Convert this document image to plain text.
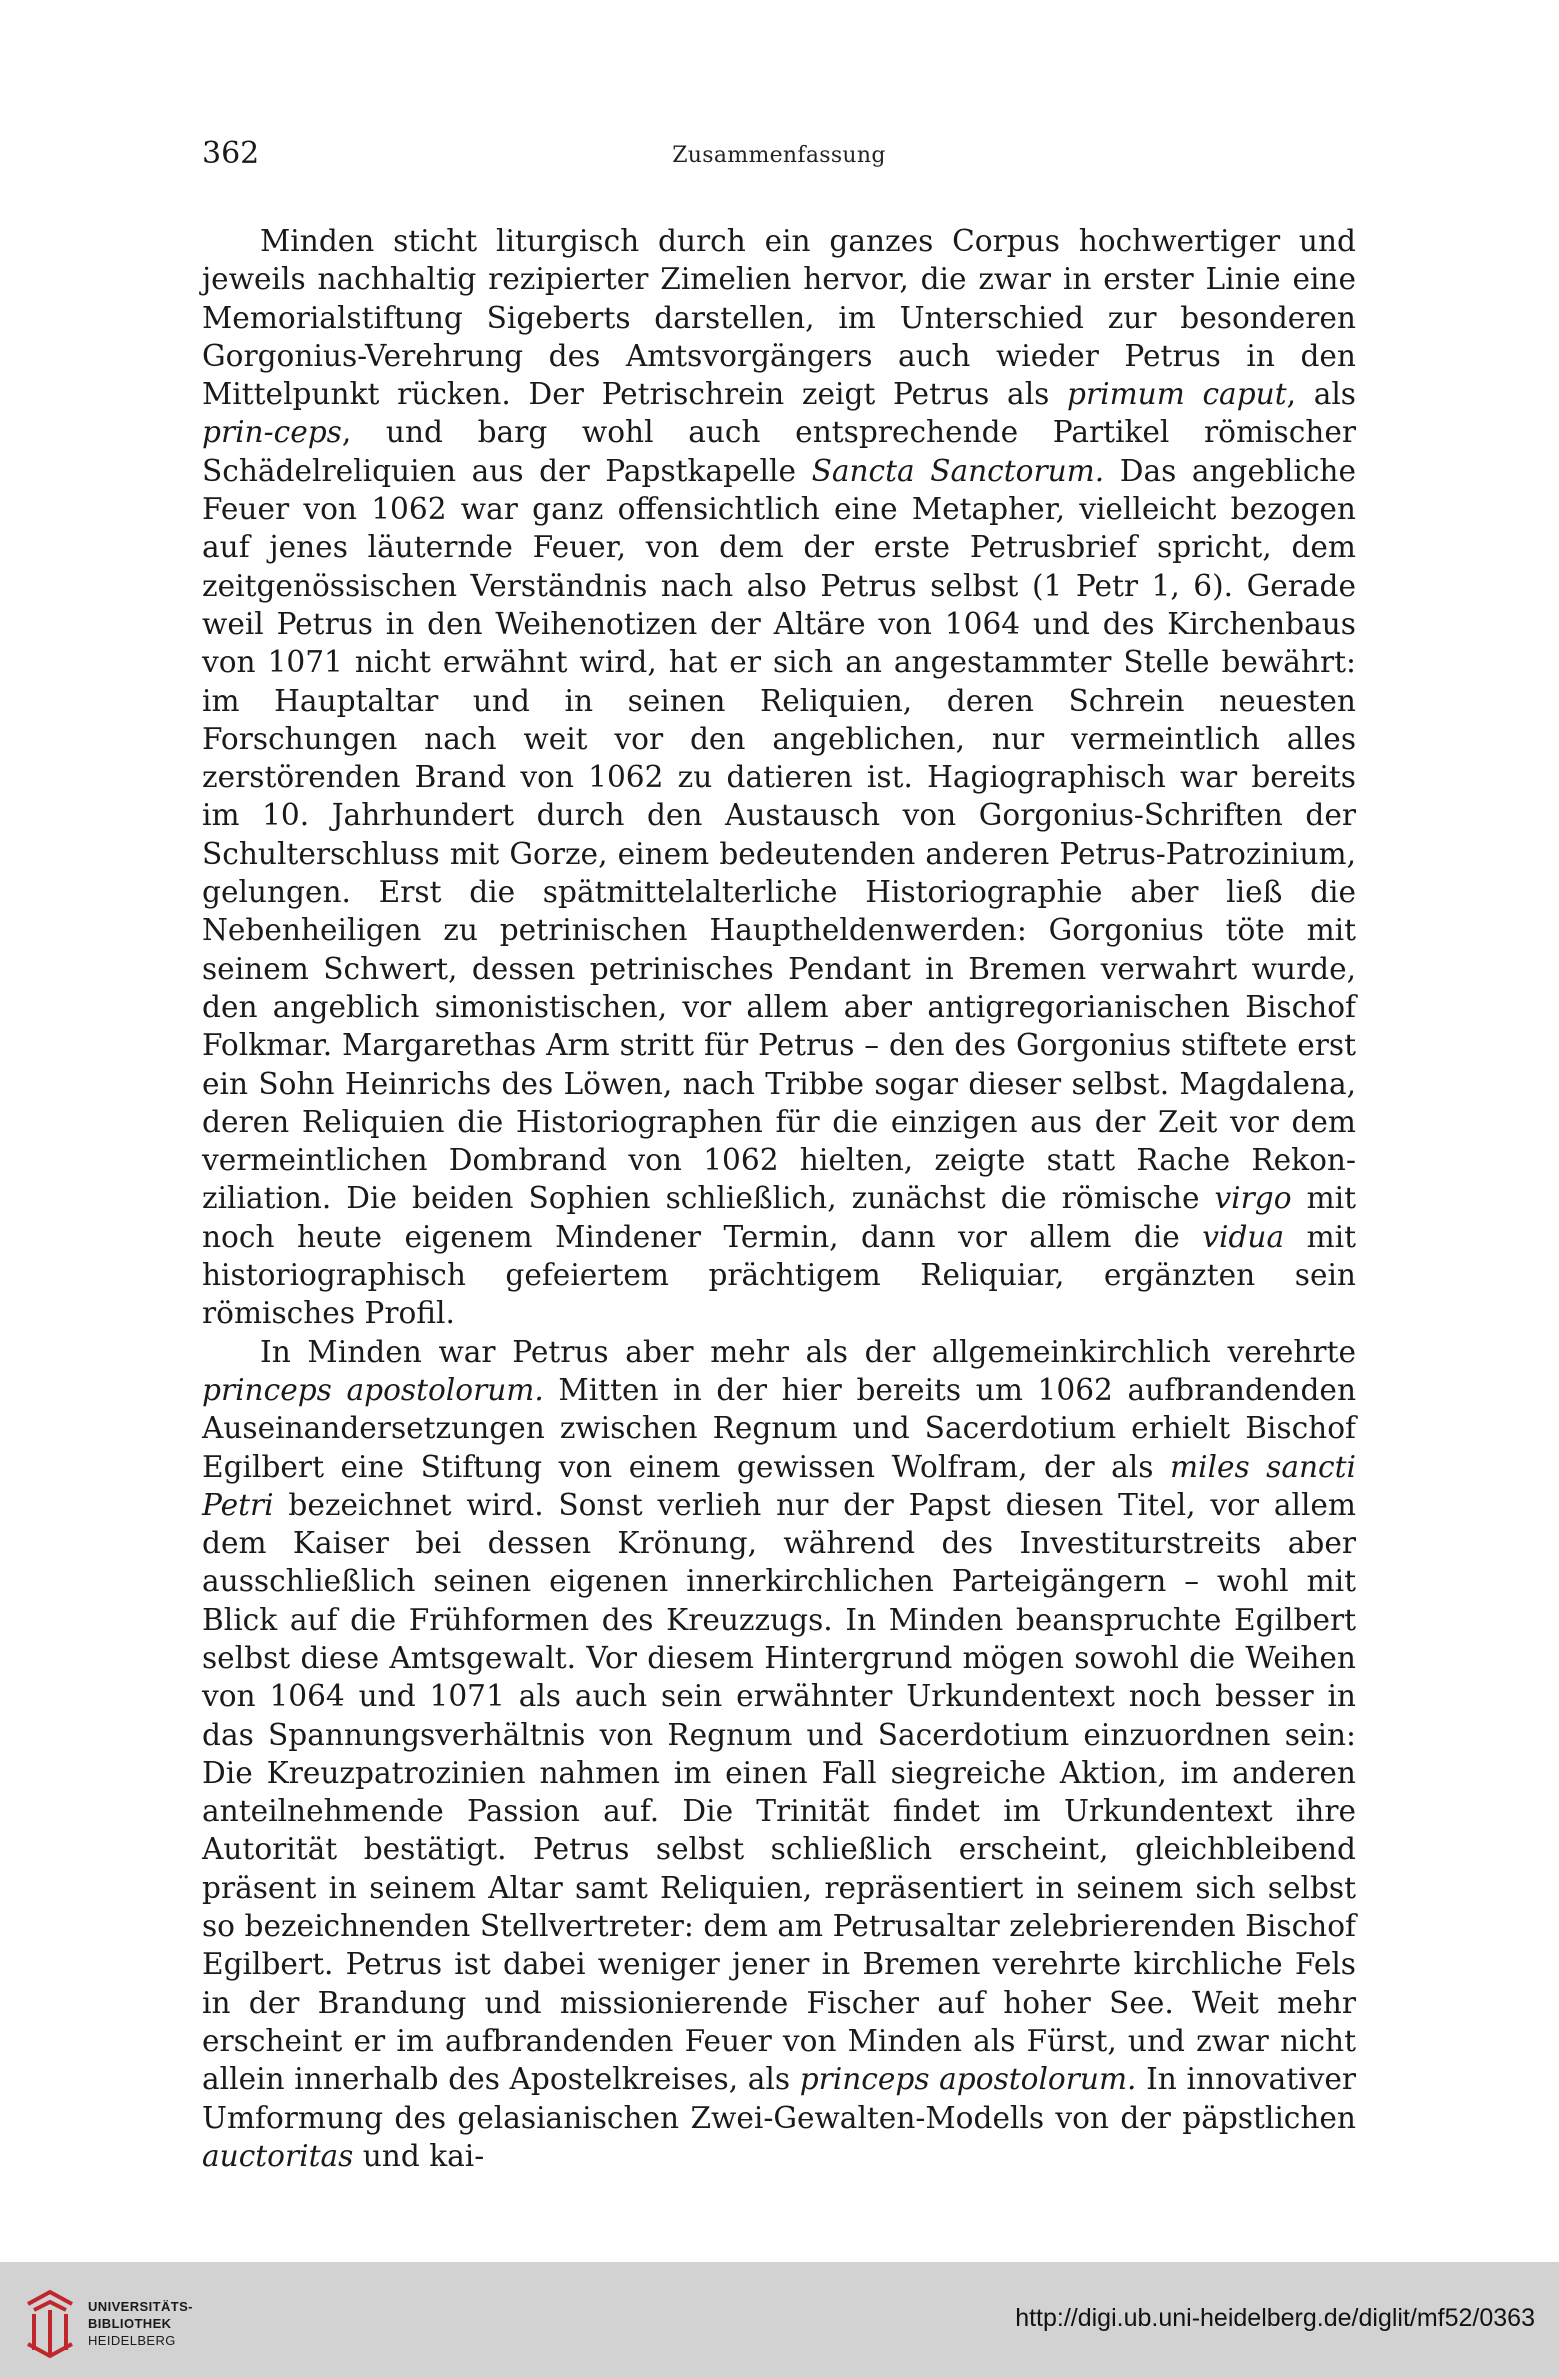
362	Zusammenfassung

Minden sticht liturgisch durch ein ganzes Corpus hochwertiger und jeweils nachhaltig rezipierter Zimelien hervor, die zwar in erster Linie eine Memorialstiftung Sigeberts darstellen, im Unterschied zur besonderen Gorgonius-Verehrung des Amtsvorgängers auch wieder Petrus in den Mittelpunkt rücken. Der Petrischrein zeigt Petrus als primum caput, als prin-ceps, und barg wohl auch entsprechende Partikel römischer Schädelreliquien aus der Papstkapelle Sancta Sanctorum. Das angebliche Feuer von 1062 war ganz offensichtlich eine Metapher, vielleicht bezogen auf jenes läuternde Feuer, von dem der erste Petrusbrief spricht, dem zeitgenössischen Verständnis nach also Petrus selbst (1 Petr 1, 6). Gerade weil Petrus in den Weihenotizen der Altäre von 1064 und des Kirchenbaus von 1071 nicht erwähnt wird, hat er sich an angestammter Stelle bewährt: im Hauptaltar und in seinen Reliquien, deren Schrein neuesten Forschungen nach weit vor den angeblichen, nur vermeintlich alles zerstörenden Brand von 1062 zu datieren ist. Hagiographisch war bereits im 10. Jahrhundert durch den Austausch von Gorgonius-Schriften der Schulterschluss mit Gorze, einem bedeutenden anderen Petrus-Patrozinium, gelungen. Erst die spätmittelalterliche Historiographie aber ließ die Nebenheiligen zu petrinischen Hauptheldenwerden: Gorgonius töte mit seinem Schwert, dessen petrinisches Pendant in Bremen verwahrt wurde, den angeblich simonistischen, vor allem aber antigregorianischen Bischof Folkmar. Margarethas Arm stritt für Petrus – den des Gorgonius stiftete erst ein Sohn Heinrichs des Löwen, nach Tribbe sogar dieser selbst. Magdalena, deren Reliquien die Historiographen für die einzigen aus der Zeit vor dem vermeintlichen Dombrand von 1062 hielten, zeigte statt Rache Rekonziliation. Die beiden Sophien schließlich, zunächst die römische virgo mit noch heute eigenem Mindener Termin, dann vor allem die vidua mit historiographisch gefeiertem prächtigem Reliquiar, ergänzten sein römisches Profil.

In Minden war Petrus aber mehr als der allgemeinkirchlich verehrte princeps apostolorum. Mitten in der hier bereits um 1062 aufbrandenden Auseinandersetzungen zwischen Regnum und Sacerdotium erhielt Bischof Egilbert eine Stiftung von einem gewissen Wolfram, der als miles sancti Petri bezeichnet wird. Sonst verlieh nur der Papst diesen Titel, vor allem dem Kaiser bei dessen Krönung, während des Investiturstreits aber ausschließlich seinen eigenen innerkirchlichen Parteigängern – wohl mit Blick auf die Frühformen des Kreuzzugs. In Minden beanspruchte Egilbert selbst diese Amtsgewalt. Vor diesem Hintergrund mögen sowohl die Weihen von 1064 und 1071 als auch sein erwähnter Urkundentext noch besser in das Spannungsverhältnis von Regnum und Sacerdotium einzuordnen sein: Die Kreuzpatrozinien nahmen im einen Fall siegreiche Aktion, im anderen anteilnehmende Passion auf. Die Trinität findet im Urkundentext ihre Autorität bestätigt. Petrus selbst schließlich erscheint, gleichbleibend präsent in seinem Altar samt Reliquien, repräsentiert in seinem sich selbst so bezeichnenden Stellvertreter: dem am Petrusaltar zelebrierenden Bischof Egilbert. Petrus ist dabei weniger jener in Bremen verehrte kirchliche Fels in der Brandung und missionierende Fischer auf hoher See. Weit mehr erscheint er im aufbrandenden Feuer von Minden als Fürst, und zwar nicht allein innerhalb des Apostelkreises, als princeps apostolorum. In innovativer Umformung des gelasianischen Zwei-Gewalten-Modells von der päpstlichen auctoritas und kai-

UNIVERSITÄTS-
BIBLIOTHEK
HEIDELBERG
http://digi.ub.uni-heidelberg.de/diglit/mf52/0363
